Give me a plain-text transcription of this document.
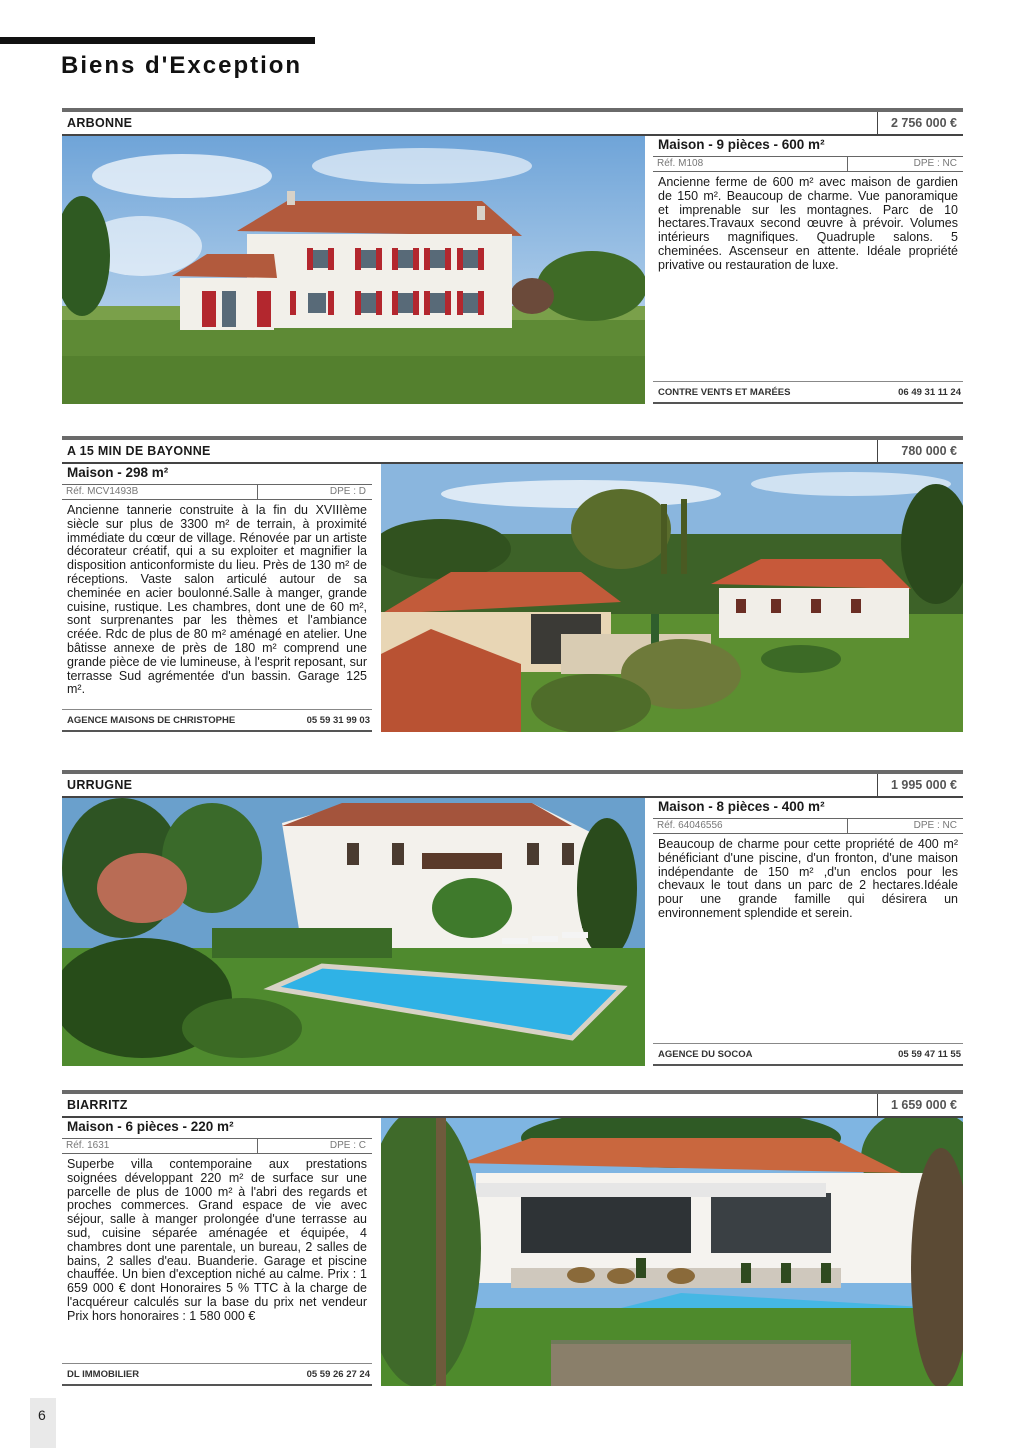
Biens d'Exception
ARBONNE	2 756 000 €
Maison - 9 pièces - 600 m²
Réf. M108	DPE : NC

Ancienne ferme de 600 m² avec maison de gardien de 150 m². Beaucoup de charme. Vue panoramique et imprenable sur les montagnes. Parc de 10 hectares.Travaux second œuvre à prévoir. Volumes intérieurs magnifiques. Quadruple salons. 5 cheminées. Ascenseur en attente. Idéale propriété privative ou restauration de luxe.

CONTRE VENTS ET MARÉES	06 49 31 11 24
A 15 MIN DE BAYONNE	780 000 €
Maison - 298 m²
Réf. MCV1493B	DPE : D

Ancienne tannerie construite à la fin du XVIIIème siècle sur plus de 3300 m² de terrain, à proximité immédiate du cœur de village. Rénovée par un artiste décorateur créatif, qui a su exploiter et magnifier la disposition anticonformiste du lieu. Près de 130 m² de réceptions. Vaste salon articulé autour de sa cheminée en acier boulonné.Salle à manger, grande cuisine, rustique. Les chambres, dont une de 60 m², sont surprenantes par les thèmes et l'ambiance créée. Rdc de plus de 80 m² aménagé en atelier. Une bâtisse annexe de près de 180 m² comprend une grande pièce de vie lumineuse, à l'esprit reposant, sur terrasse Sud agrémentée d'un bassin. Garage 125 m².

AGENCE MAISONS DE CHRISTOPHE	05 59 31 99 03
URRUGNE	1 995 000 €
Maison - 8 pièces - 400 m²
Réf. 64046556	DPE : NC

Beaucoup de charme pour cette propriété de 400 m² bénéficiant d'une piscine, d'un fronton, d'une maison indépendante de 150 m² ,d'un enclos pour les chevaux le tout dans un parc de 2 hectares.Idéale pour une grande famille qui désirera un environnement splendide et serein.

AGENCE DU SOCOA	05 59 47 11 55
BIARRITZ	1 659 000 €
Maison - 6 pièces - 220 m²
Réf. 1631	DPE : C

Superbe villa contemporaine aux prestations soignées développant 220 m² de surface sur une parcelle de plus de 1000 m² à l'abri des regards et proches commerces. Grand espace de vie avec séjour, salle à manger prolongée d'une terrasse au sud, cuisine séparée aménagée et équipée, 4 chambres dont une parentale, un bureau, 2 salles de bains, 2 salles d'eau. Buanderie. Garage et piscine chauffée. Un bien d'exception niché au calme. Prix : 1 659 000 € dont Honoraires 5 % TTC à la charge de l'acquéreur calculés sur la base du prix net vendeur Prix hors honoraires : 1 580 000 €

DL IMMOBILIER	05 59 26 27 24
6
